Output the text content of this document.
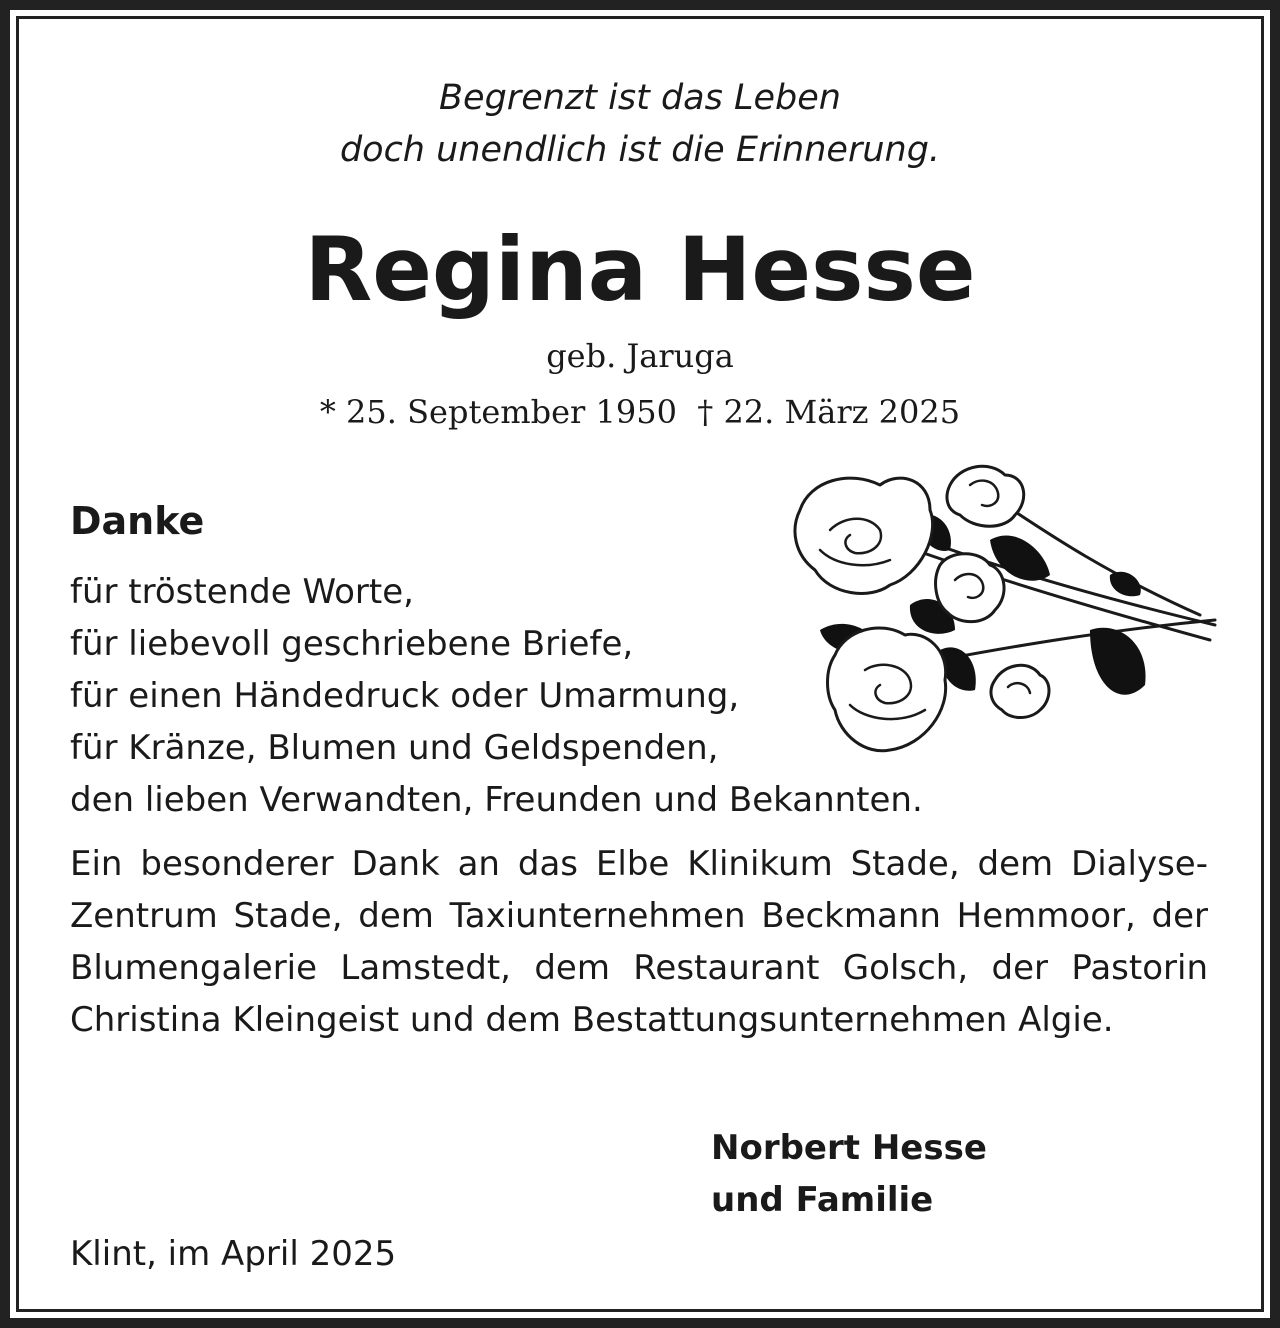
Begrenzt ist das Leben

doch unendlich ist die Erinnerung.

Regina Hesse

geb. Jaruga

* 25. September 1950  † 22. März 2025

Danke

für tröstende Worte,

für liebevoll geschriebene Briefe,

für einen Händedruck oder Umarmung,

für Kränze, Blumen und Geldspenden,

den lieben Verwandten, Freunden und Bekannten.

Ein besonderer Dank an das Elbe Klinikum Stade, dem Dialyse-Zentrum Stade, dem Taxiunternehmen Beckmann Hemmoor, der Blumengalerie Lamstedt, dem Restaurant Golsch, der Pastorin Christina Kleingeist und dem Bestattungsunternehmen Algie.

Norbert Hesse

und Familie

Klint, im April 2025
